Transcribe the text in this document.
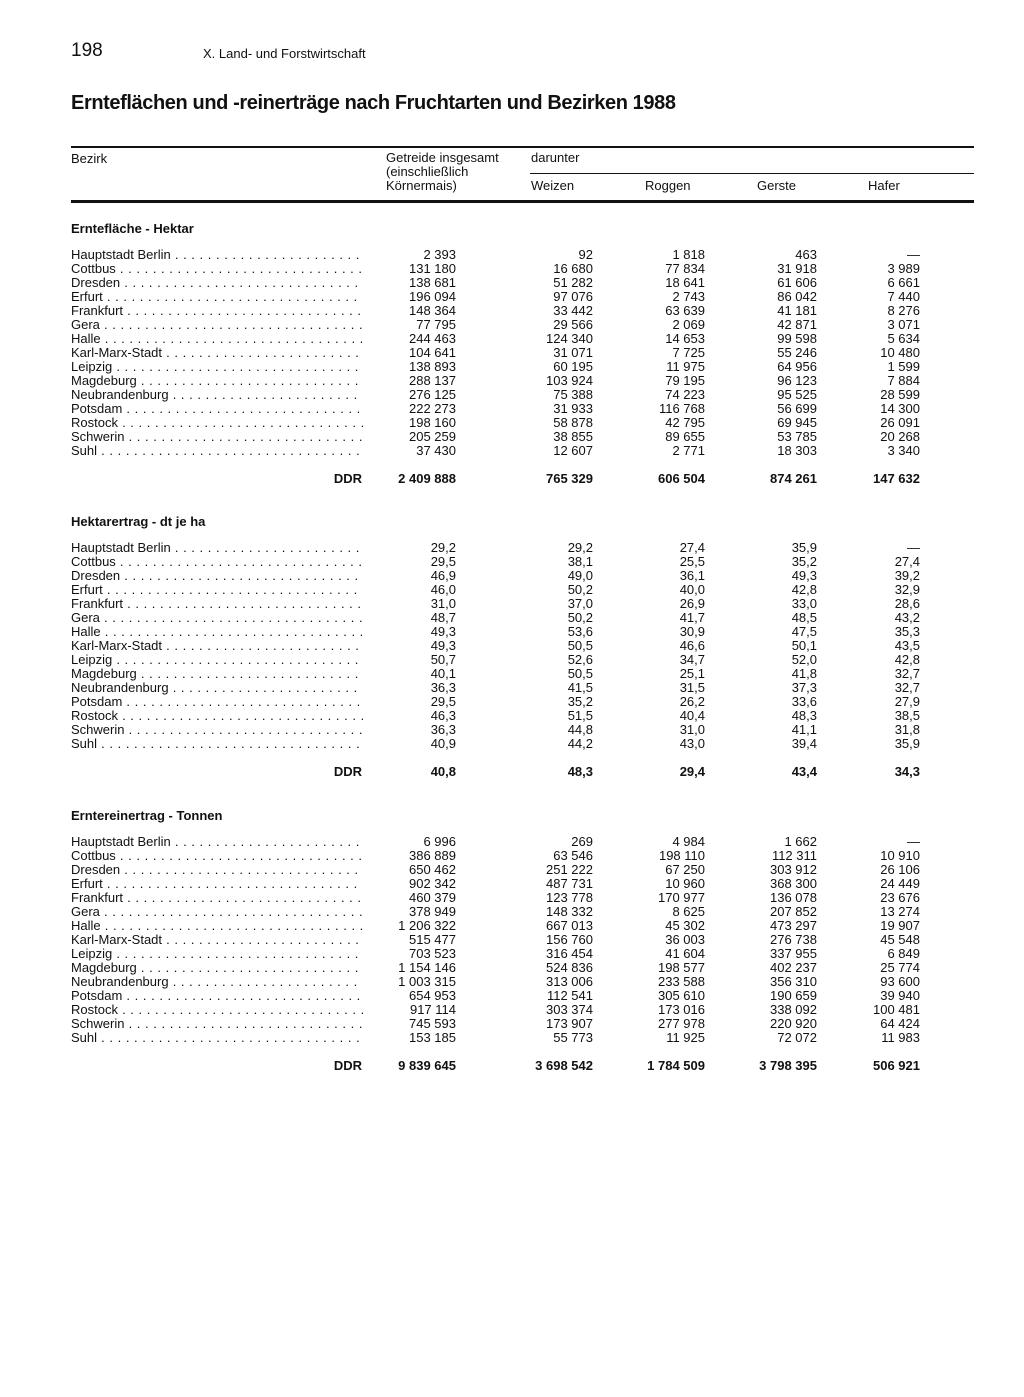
198	X. Land- und Forstwirtschaft
Ernteflächen und -reinerträge nach Fruchtarten und Bezirken 1988
Bezirk	Getreide insgesamt (einschließlich Körnermais)
darunter
Weizen	Roggen	Gerste	Hafer
Erntefläche - Hektar
Hauptstadt Berlin . . .	2 393	92	1 818	463	—
Cottbus . . .	131 180	16 680	77 834	31 918	3 989
Dresden . . .	138 681	51 282	18 641	61 606	6 661
Erfurt . . .	196 094	97 076	2 743	86 042	7 440
Frankfurt . . .	148 364	33 442	63 639	41 181	8 276
Gera . . .	77 795	29 566	2 069	42 871	3 071
Halle . . .	244 463	124 340	14 653	99 598	5 634
Karl-Marx-Stadt . . .	104 641	31 071	7 725	55 246	10 480
Leipzig . . .	138 893	60 195	11 975	64 956	1 599
Magdeburg . . .	288 137	103 924	79 195	96 123	7 884
Neubrandenburg . . .	276 125	75 388	74 223	95 525	28 599
Potsdam . . .	222 273	31 933	116 768	56 699	14 300
Rostock . . .	198 160	58 878	42 795	69 945	26 091
Schwerin . . .	205 259	38 855	89 655	53 785	20 268
Suhl . . .	37 430	12 607	2 771	18 303	3 340
DDR	2 409 888	765 329	606 504	874 261	147 632
Hektarertrag - dt je ha
Hauptstadt Berlin . . .	29,2	29,2	27,4	35,9	—
Cottbus . . .	29,5	38,1	25,5	35,2	27,4
Dresden . . .	46,9	49,0	36,1	49,3	39,2
Erfurt . . .	46,0	50,2	40,0	42,8	32,9
Frankfurt . . .	31,0	37,0	26,9	33,0	28,6
Gera . . .	48,7	50,2	41,7	48,5	43,2
Halle . . .	49,3	53,6	30,9	47,5	35,3
Karl-Marx-Stadt . . .	49,3	50,5	46,6	50,1	43,5
Leipzig . . .	50,7	52,6	34,7	52,0	42,8
Magdeburg . . .	40,1	50,5	25,1	41,8	32,7
Neubrandenburg . . .	36,3	41,5	31,5	37,3	32,7
Potsdam . . .	29,5	35,2	26,2	33,6	27,9
Rostock . . .	46,3	51,5	40,4	48,3	38,5
Schwerin . . .	36,3	44,8	31,0	41,1	31,8
Suhl . . .	40,9	44,2	43,0	39,4	35,9
DDR	40,8	48,3	29,4	43,4	34,3
Erntereinertrag - Tonnen
Hauptstadt Berlin . . .	6 996	269	4 984	1 662	—
Cottbus . . .	386 889	63 546	198 110	112 311	10 910
Dresden . . .	650 462	251 222	67 250	303 912	26 106
Erfurt . . .	902 342	487 731	10 960	368 300	24 449
Frankfurt . . .	460 379	123 778	170 977	136 078	23 676
Gera . . .	378 949	148 332	8 625	207 852	13 274
Halle . . .	1 206 322	667 013	45 302	473 297	19 907
Karl-Marx-Stadt . . .	515 477	156 760	36 003	276 738	45 548
Leipzig . . .	703 523	316 454	41 604	337 955	6 849
Magdeburg . . .	1 154 146	524 836	198 577	402 237	25 774
Neubrandenburg . . .	1 003 315	313 006	233 588	356 310	93 600
Potsdam . . .	654 953	112 541	305 610	190 659	39 940
Rostock . . .	917 114	303 374	173 016	338 092	100 481
Schwerin . . .	745 593	173 907	277 978	220 920	64 424
Suhl . . .	153 185	55 773	11 925	72 072	11 983
DDR	9 839 645	3 698 542	1 784 509	3 798 395	506 921
